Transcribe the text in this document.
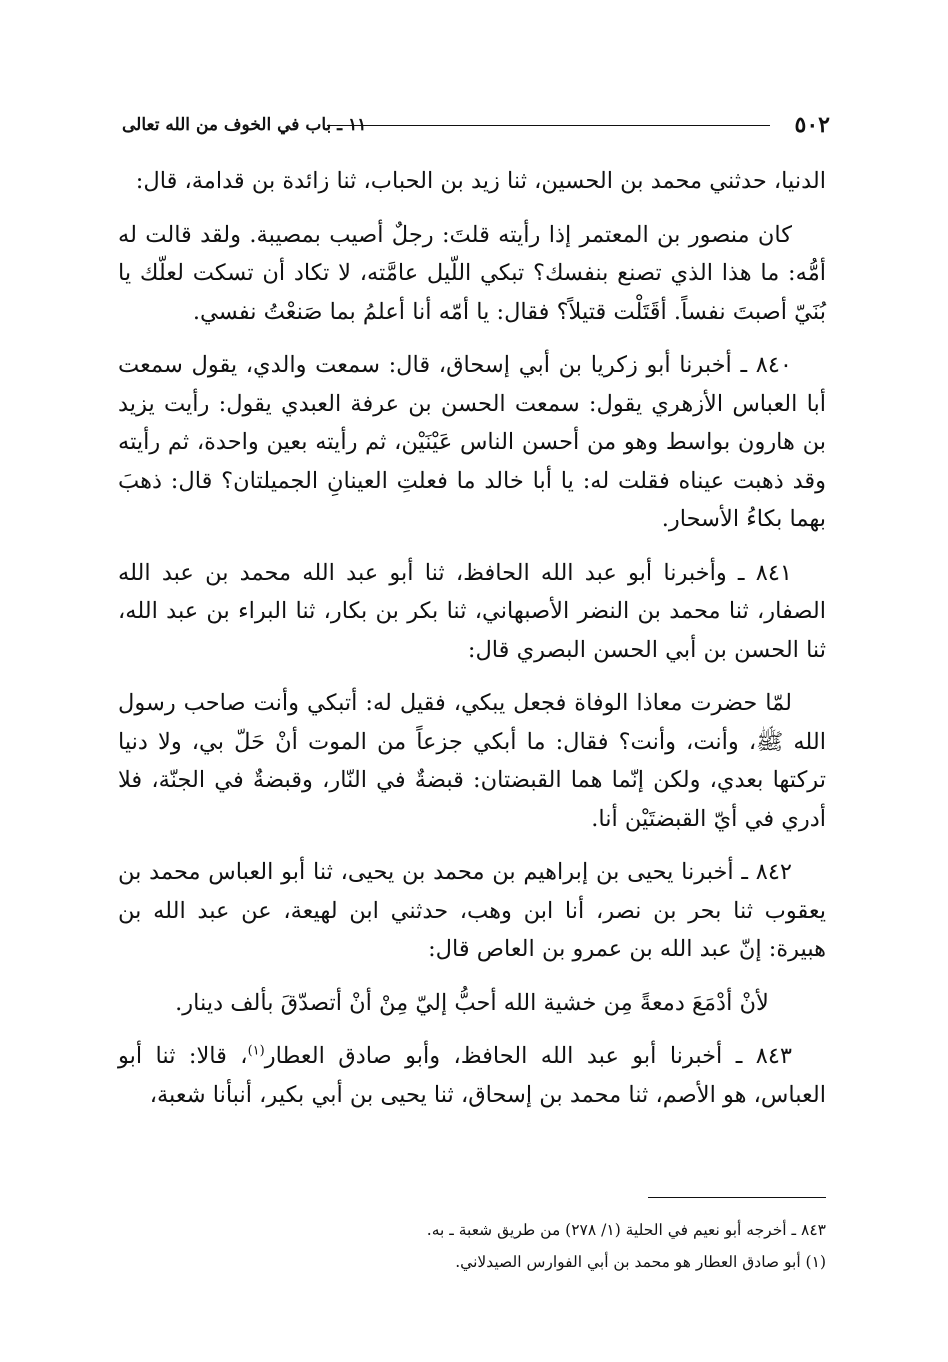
٥٠٢
١١ ـ باب في الخوف من الله تعالى

الدنيا، حدثني محمد بن الحسين، ثنا زيد بن الحباب، ثنا زائدة بن قدامة، قال:

كان منصور بن المعتمر إذا رأيته قلتَ: رجلٌ أصيب بمصيبة. ولقد قالت له أمُّه: ما هذا الذي تصنع بنفسك؟ تبكي اللّيل عامَّته، لا تكاد أن تسكت لعلّك يا بُنَيّ أصبتَ نفساً. أقَتَلْت قتيلاً؟ فقال: يا أمّه أنا أعلمُ بما صَنعْتُ نفسي.

٨٤٠ ـ أخبرنا أبو زكريا بن أبي إسحاق، قال: سمعت والدي، يقول سمعت أبا العباس الأزهري يقول: سمعت الحسن بن عرفة العبدي يقول: رأيت يزيد بن هارون بواسط وهو من أحسن الناس عَيْنَيْن، ثم رأيته بعين واحدة، ثم رأيته وقد ذهبت عيناه فقلت له: يا أبا خالد ما فعلتِ العينانِ الجميلتان؟ قال: ذهبَ بهما بكاءُ الأسحار.

٨٤١ ـ وأخبرنا أبو عبد الله الحافظ، ثنا أبو عبد الله محمد بن عبد الله الصفار، ثنا محمد بن النضر الأصبهاني، ثنا بكر بن بكار، ثنا البراء بن عبد الله، ثنا الحسن بن أبي الحسن البصري قال:

لمّا حضرت معاذا الوفاة فجعل يبكي، فقيل له: أتبكي وأنت صاحب رسول الله ﷺ، وأنت، وأنت؟ فقال: ما أبكي جزعاً من الموت أنْ حَلّ بي، ولا دنيا تركتها بعدي، ولكن إنّما هما القبضتان: قبضةٌ في النّار، وقبضةٌ في الجنّة، فلا أدري في أيّ القبضتَيْن أنا.

٨٤٢ ـ أخبرنا يحيى بن إبراهيم بن محمد بن يحيى، ثنا أبو العباس محمد بن يعقوب ثنا بحر بن نصر، أنا ابن وهب، حدثني ابن لهيعة، عن عبد الله بن هبيرة: إنّ عبد الله بن عمرو بن العاص قال:

لأنْ أدْمَعَ دمعةً مِن خشية الله أحبُّ إليّ مِنْ أنْ أتصدّقَ بألف دينار.

٨٤٣ ـ أخبرنا أبو عبد الله الحافظ، وأبو صادق العطار$^{(١)}$، قالا: ثنا أبو العباس، هو الأصم، ثنا محمد بن إسحاق، ثنا يحيى بن أبي بكير، أنبأنا شعبة،

٨٤٣ ـ أخرجه أبو نعيم في الحلية (١/ ٢٧٨) من طريق شعبة ـ به.

(١) أبو صادق العطار هو محمد بن أبي الفوارس الصيدلاني.
